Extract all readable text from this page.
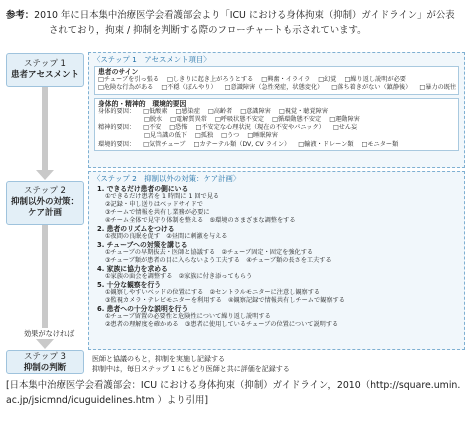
参考：2010 年に日本集中治療医学会看護部会より「ICU における身体拘束（抑制）ガイドライン」が公表
されており，拘束 / 抑制を判断する際のフローチャートも示されています。
ステップ 1
患者アセスメント
ステップ 2
抑制以外の対策：ケア計画
効果がなければ
ステップ 3
抑制の判断
医師と協議のもと，抑制を実施し記録する
抑制中は，毎日ステップ 1 にもどり医師と共に評価を記録する
〈ステップ 1　アセスメント項目〉
患者のサイン
□チューブを引っ張る □しきりに起き上がろうとする □興奮・イライラ □幻覚 □繰り返し説明が必要
□危険な行為がある □不穏（ぼんやり） □意識障害（急性発症，状態変化） □落ち着きがない（鎮静後） □暴力の既往
身体的・精神的　環境的要因
身体的要因： □低酸素 □感染症 □高齢者 □意識障害 □視覚・聴覚障害
□脱水 □電解質異常 □呼吸状態不安定 □循環動態不安定 □運動障害
精神的要因： □不安 □恐怖 □不安定な心理状況（現在の不安やパニック） □せん妄
□見当識の低下 □孤独 □うつ □睡眠障害
環境的要因： □気管チューブ □カテーテル類（DV, CV ライン） □輸液・ドレーン類 □モニター類
〈ステップ 2　抑制以外の対策：ケア計画〉
1. できるだけ患者の側にいる
①できるだけ患者を 1 時間に 1 回で見る
②記録・申し送りはベッドサイドで
③チームで情報を共有し業務が必要に
④チーム全体で見守り体制を整える　 ⑤環境のさまざまな調整をする
2. 患者のリズムをつける
①夜間の良眠を促す　 ②昼間に刺激を与える
3. チューブへの対策を講じる
①チューブの早期抜去・医師と協議する　 ②チューブ固定・固定を強化する
③チューブ類が患者の目に入らないよう工夫する　 ④チューブ類の長さを工夫する
4. 家族に協力を求める
①家族の面会を調整する　 ②家族に付き添ってもらう
5. 十分な観察を行う
①観察しやすいベッドの位置にする　 ②セントラルモニターに注意し観察する
③監視カメラ・テレビモニターを利用する　 ④観察記録で情報共有しチームで観察する
6. 患者への十分な説明を行う
①チューブ留置の必要性と危険性について繰り返し説明する
②患者の理解度を確かめる　 ③患者に使用しているチューブの位置について説明する
[日本集中治療医学会看護部会：ICU における身体拘束（抑制）ガイドライン，2010（http://square.umin.
ac.jp/jsicmnd/icuguidelines.htm ）より引用]
